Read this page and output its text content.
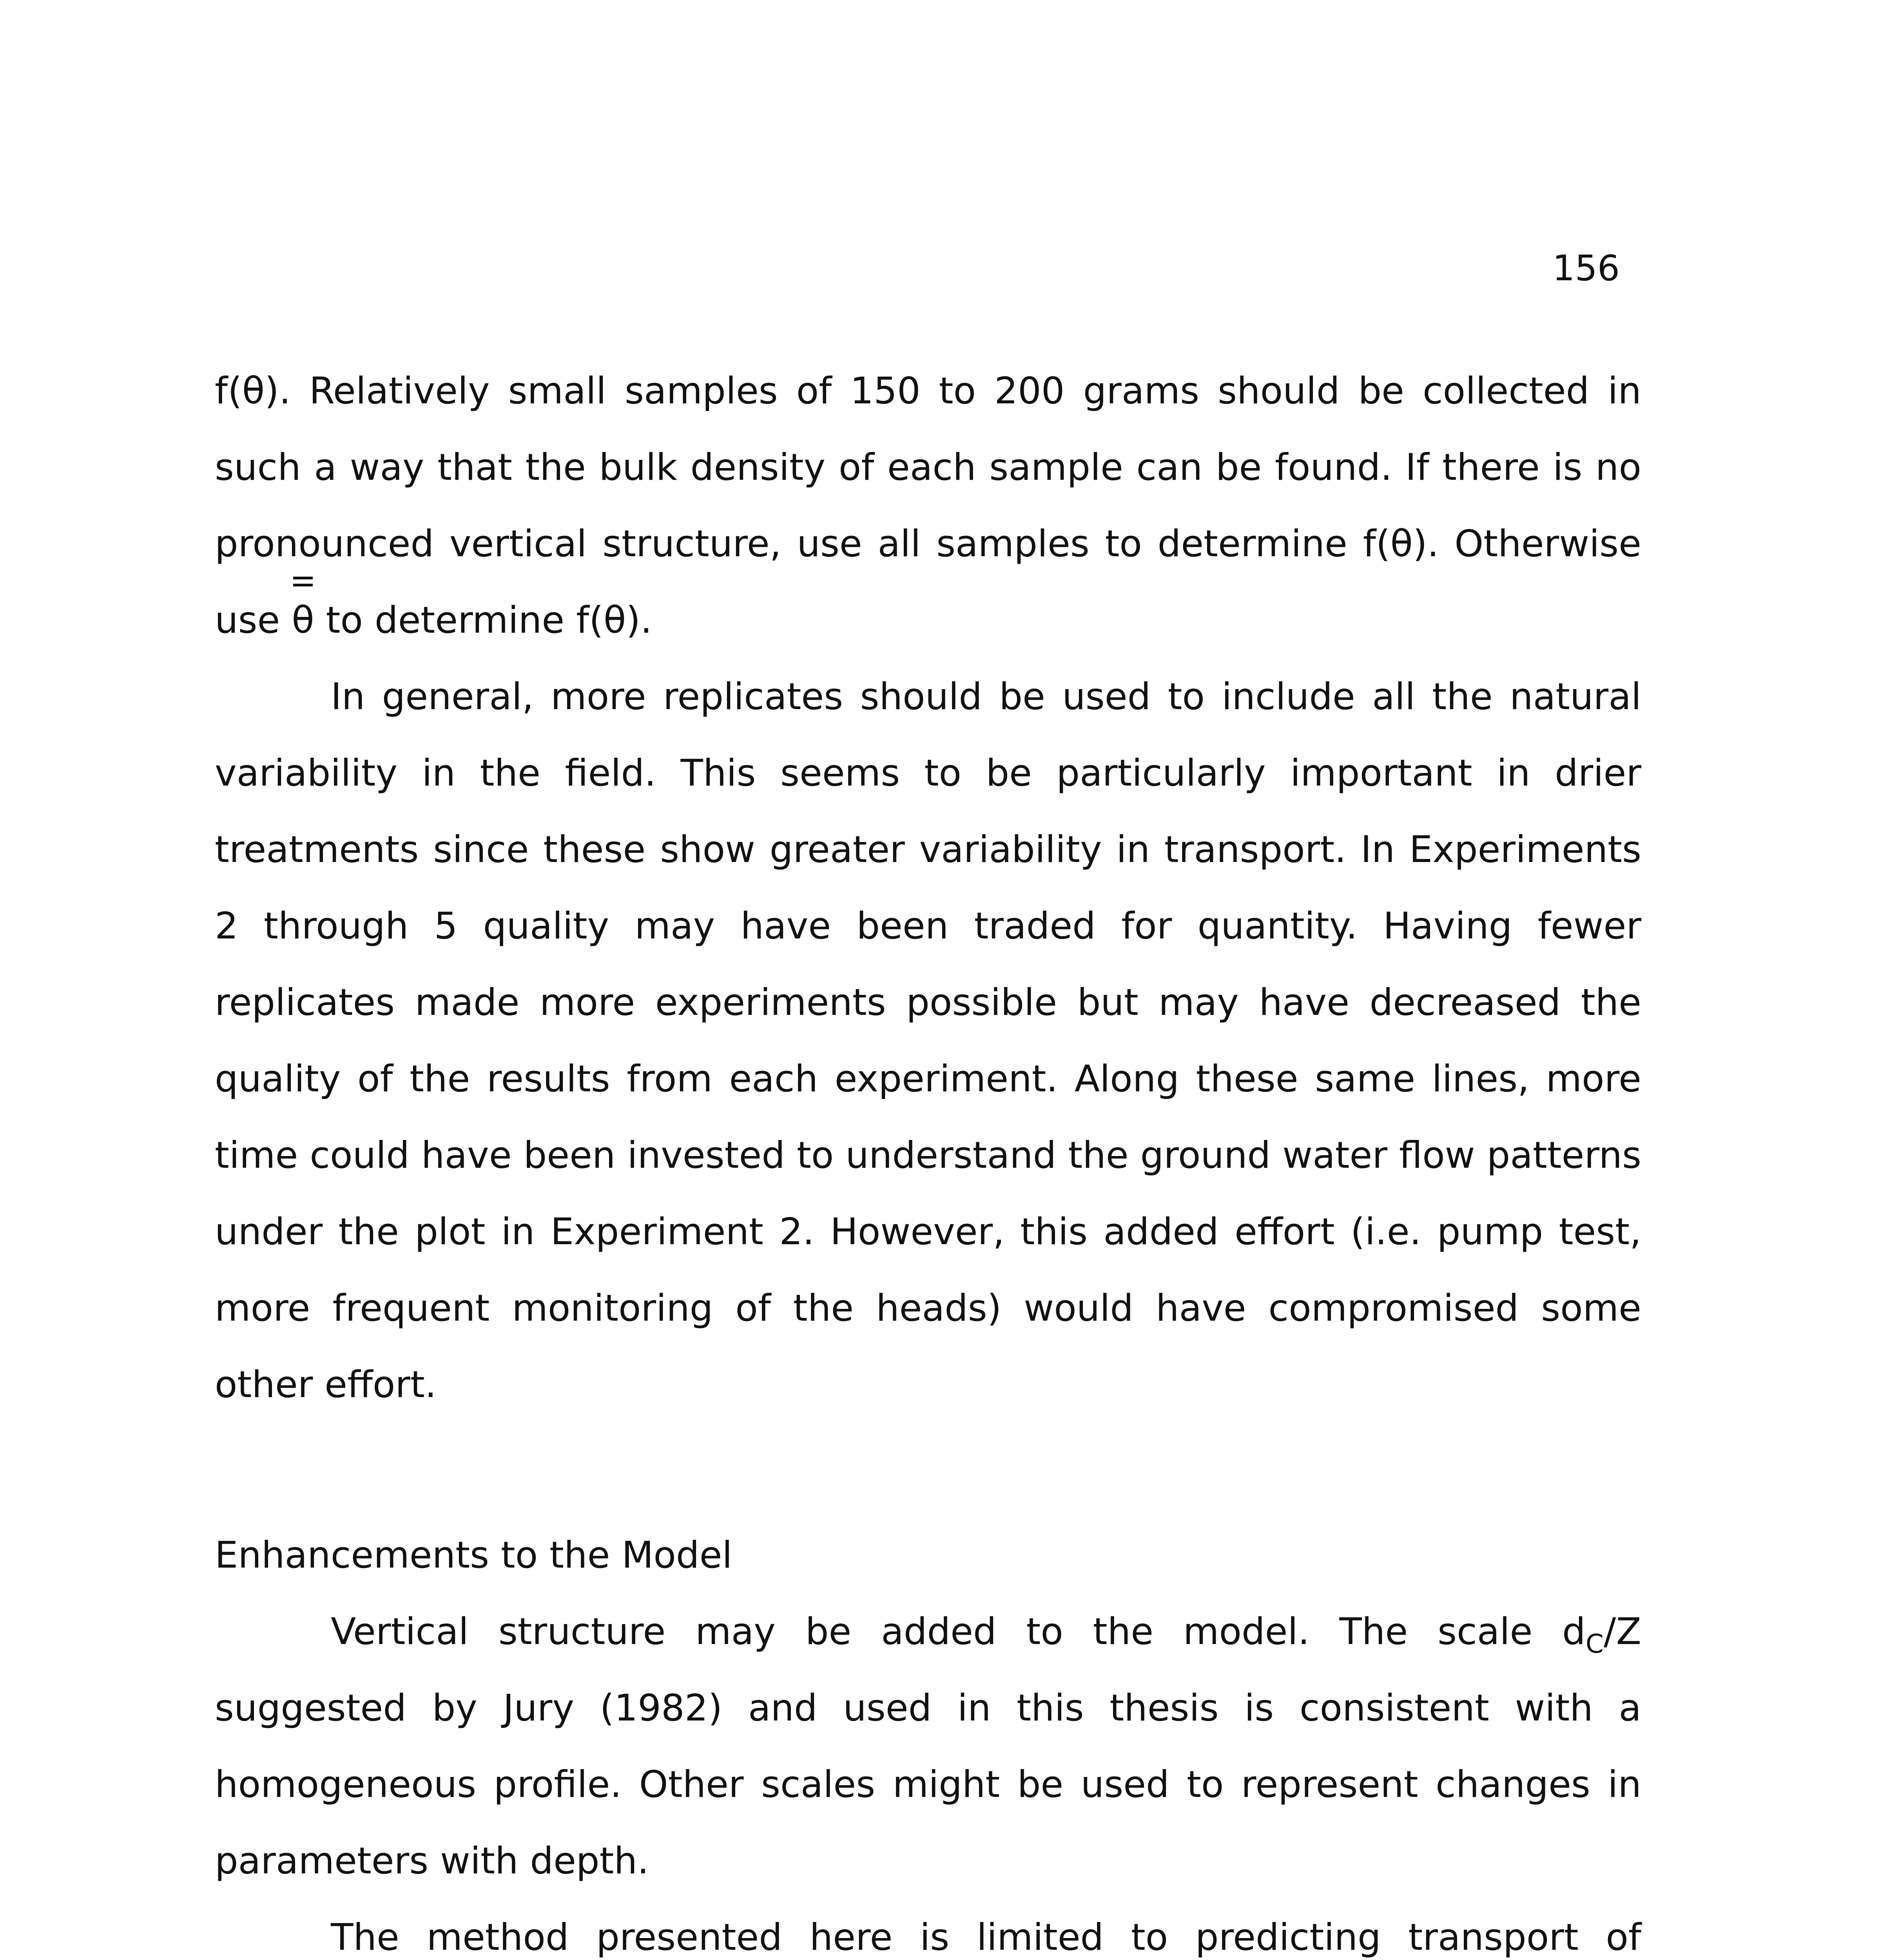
156

f(θ). Relatively small samples of 150 to 200 grams should be collected in such a way that the bulk density of each sample can be found. If there is no pronounced vertical structure, use all samples to determine f(θ). Otherwise use θ to determine f(θ).

In general, more replicates should be used to include all the natural variability in the field. This seems to be particularly important in drier treatments since these show greater variability in transport. In Experiments 2 through 5 quality may have been traded for quantity. Having fewer replicates made more experiments possible but may have decreased the quality of the results from each experiment. Along these same lines, more time could have been invested to understand the ground water flow patterns under the plot in Experiment 2. However, this added effort (i.e. pump test, more frequent monitoring of the heads) would have compromised some other effort.

Enhancements to the Model

Vertical structure may be added to the model. The scale $d_C/Z$ suggested by Jury (1982) and used in this thesis is consistent with a homogeneous profile. Other scales might be used to represent changes in parameters with depth.

The method presented here is limited to predicting transport of
